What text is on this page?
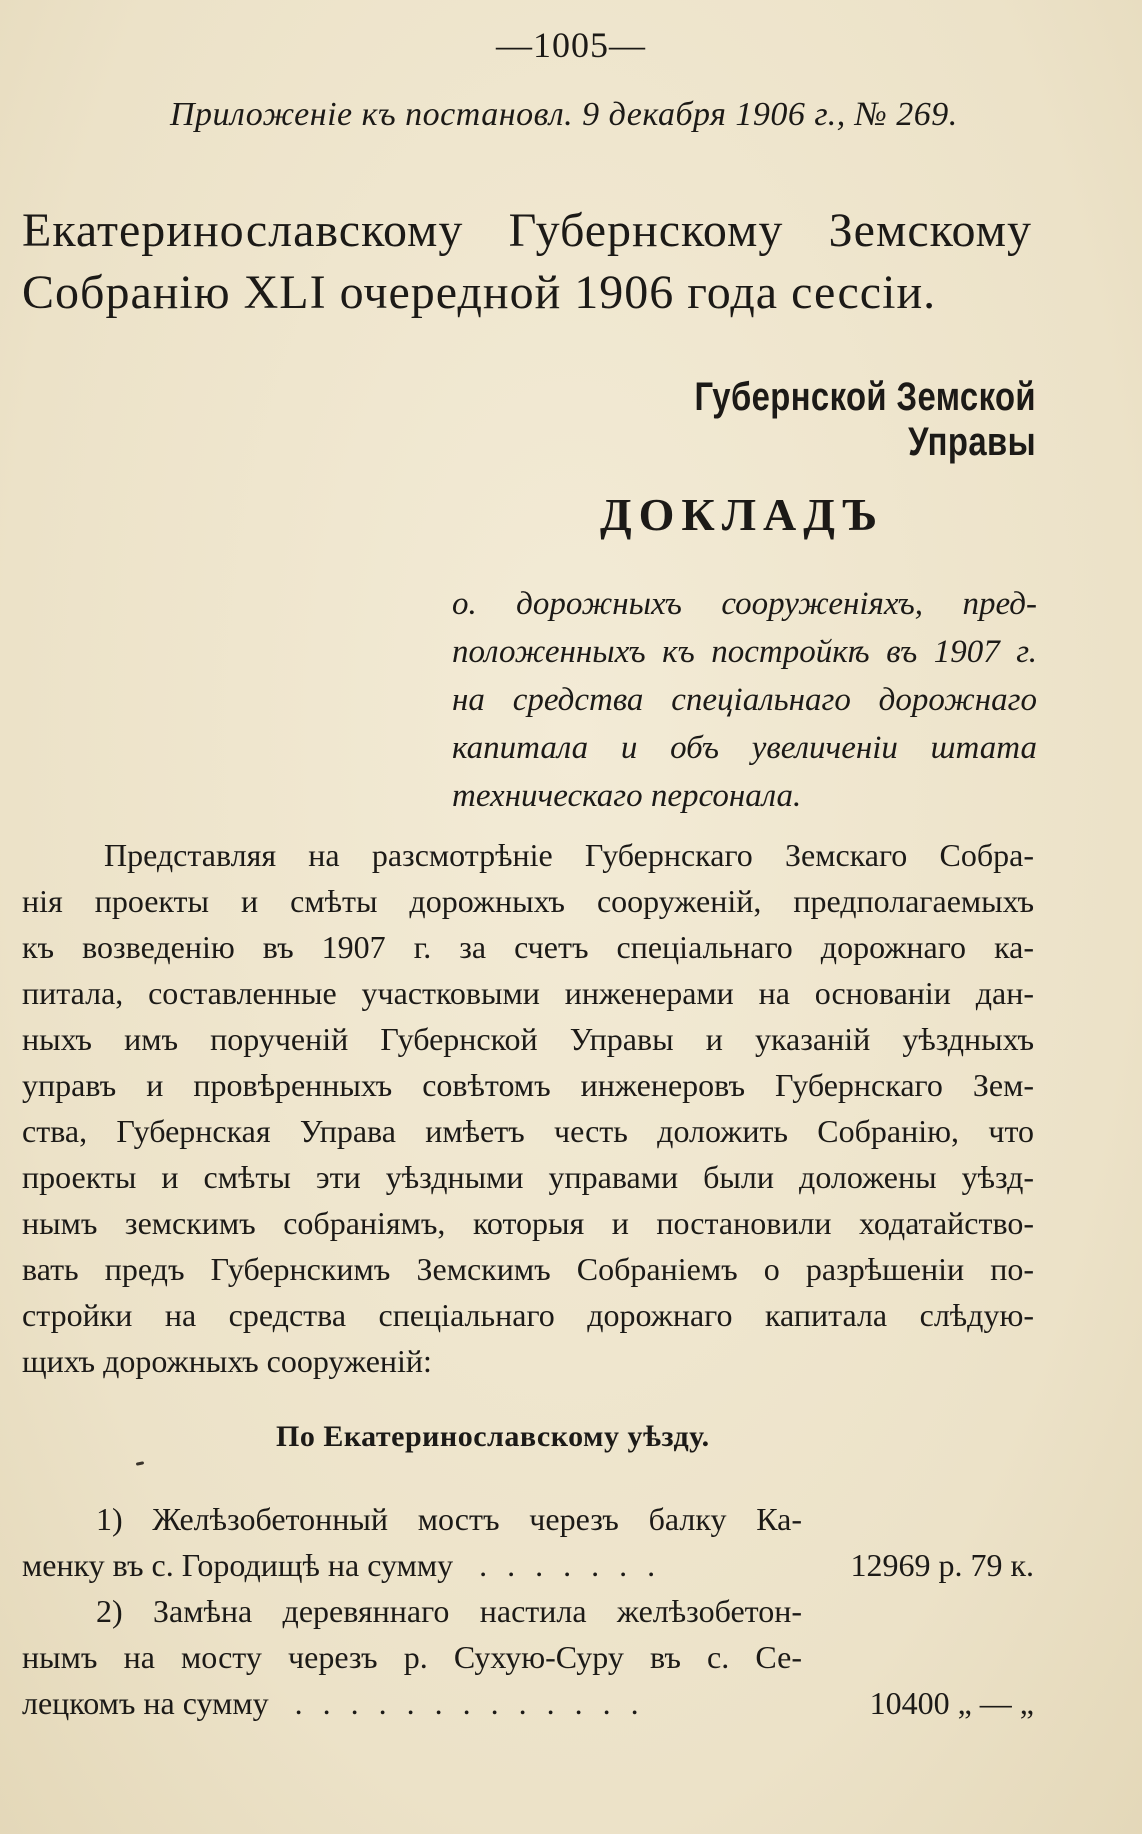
—1005—
Приложеніе къ постановл. 9 декабря 1906 г., № 269.
Екатеринославскому Губернскому Земскому
Собранію XLI очередной 1906 года сессіи.
Губернской Земской Управы
ДОКЛАДЪ
о. дорожныхъ сооруженіяхъ, пред-
положенныхъ къ постройкѣ въ 1907 г.
на средства спеціальнаго дорожнаго
капитала и объ увеличеніи штата
техническаго персонала.
Представляя на разсмотрѣніе Губернскаго Земскаго Собра-
нія проекты и смѣты дорожныхъ сооруженій, предполагаемыхъ
къ возведенію въ 1907 г. за счетъ спеціальнаго дорожнаго ка-
питала, составленные участковыми инженерами на основаніи дан-
ныхъ имъ порученій Губернской Управы и указаній уѣздныхъ
управъ и провѣренныхъ совѣтомъ инженеровъ Губернскаго Зем-
ства, Губернская Управа имѣетъ честь доложить Собранію, что
проекты и смѣты эти уѣздными управами были доложены уѣзд-
нымъ земскимъ собраніямъ, которыя и постановили ходатайство-
вать предъ Губернскимъ Земскимъ Собраніемъ о разрѣшеніи по-
стройки на средства спеціальнаго дорожнаго капитала слѣдую-
щихъ дорожныхъ сооруженій:
По Екатеринославскому уѣзду.
1) Желѣзобетонный мостъ черезъ балку Ка-
менку въ с. Городищѣ на сумму . . . . . . .	12969 р. 79 к.
2) Замѣна деревяннаго настила желѣзобетон-
нымъ на мосту черезъ р. Сухую-Суру въ с. Се-
лецкомъ на сумму . . . . . . . . . . . . .	10400 „ — „
